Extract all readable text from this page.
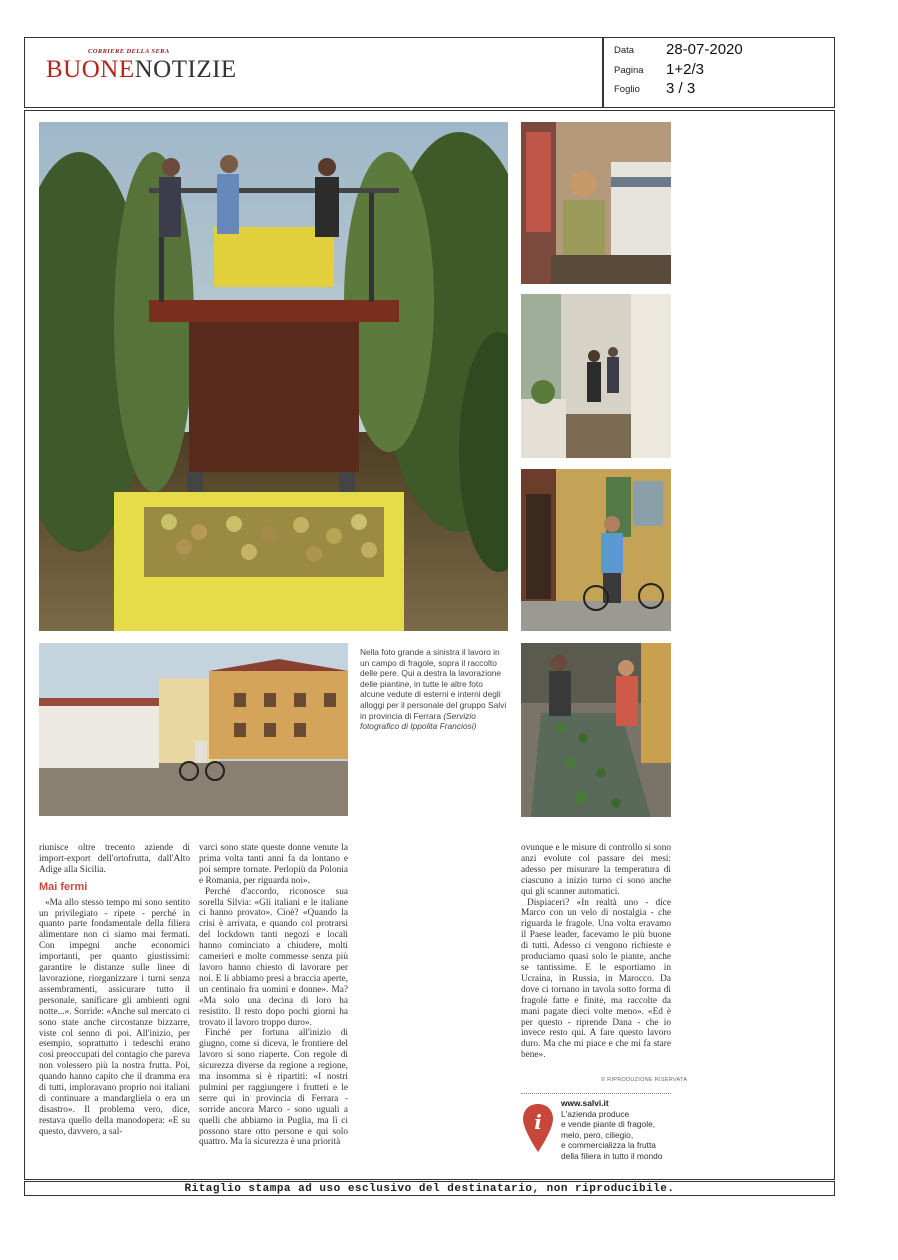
CORRIERE DELLA SERA
BUONENOTIZIE
Data 28-07-2020
Pagina 1+2/3
Foglio 3 / 3
Nella foto grande a sinistra il lavoro in un campo di fragole, sopra il raccolto delle pere. Qui a destra la lavorazione delle piantine, in tutte le altre foto alcune vedute di esterni e interni degli alloggi per il personale del gruppo Salvi in provincia di Ferrara (Servizio fotografico di Ippolita Franciosi)

riunisce oltre trecento aziende di import-export dell'ortofrutta, dall'Alto Adige alla Sicilia.

Mai fermi

«Ma allo stesso tempo mi sono sentito un privilegiato - ripete - perché in quanto parte fondamentale della filiera alimentare non ci siamo mai fermati. Con impegni anche economici importanti, per quanto giustissimi: garantire le distanze sulle linee di lavorazione, riorganizzare i turni senza assembramenti, assicurare tutto il personale, sanificare gli ambienti ogni notte...». Sorride: «Anche sul mercato ci sono state anche circostanze bizzarre, viste col senno di poi. All'inizio, per esempio, soprattutto i tedeschi erano così preoccupati del contagio che pareva non volessero più la nostra frutta. Poi, quando hanno capito che il dramma era di tutti, imploravano proprio noi italiani di continuare a mandargliela o era un disastro». Il problema vero, dice, restava quello della manodopera: «E su questo, davvero, a sal-

varci sono state queste donne venute la prima volta tanti anni fa da lontano e poi sempre tornate. Perlopiù da Polonia e Romania, per riguarda noi».

Perché d'accordo, riconosce sua sorella Silvia: «Gli italiani e le italiane ci hanno provato». Cioè? «Quando la crisi è arrivata, e quando col protrarsi del lockdown tanti negozi e locali hanno cominciato a chiudere, molti camerieri e molte commesse senza più lavoro hanno chiesto di lavorare per noi. E li abbiamo presi a braccia aperte, un centinaio fra uomini e donne». Ma? «Ma solo una decina di loro ha resistito. Il resto dopo pochi giorni ha trovato il lavoro troppo duro».

Finché per fortuna all'inizio di giugno, come si diceva, le frontiere del lavoro si sono riaperte. Con regole di sicurezza diverse da regione a regione, ma insomma si è ripartiti: «I nostri pulmini per raggiungere i frutteti e le serre qui in provincia di Ferrara - sorride ancora Marco - sono uguali a quelli che abbiamo in Puglia, ma lì ci possono stare otto persone e qui solo quattro. Ma la sicurezza è una priorità

ovunque e le misure di controllo si sono anzi evolute col passare dei mesi: adesso per misurare la temperatura di ciascuno a inizio turno ci sono anche qui gli scanner automatici.

Dispiaceri? «In realtà uno - dice Marco con un velo di nostalgia - che riguarda le fragole. Una volta eravamo il Paese leader, facevamo le più buone di tutti. Adesso ci vengono richieste e produciamo quasi solo le piante, anche se tantissime. E le esportiamo in Ucraina, in Russia, in Marocco. Da dove ci tornano in tavola sotto forma di fragole fatte e finite, ma raccolte da mani pagate dieci volte meno». «Ed è per questo - riprende Dana - che io invece resto qui. A fare questo lavoro duro. Ma che mi piace e che mi fa stare bene».

© RIPRODUZIONE RISERVATA
i
www.salvi.it
L'azienda produce
e vende piante di fragole,
melo, pero, ciliegio,
e commercializza la frutta
della filiera in tutto il mondo
Ritaglio stampa ad uso esclusivo del destinatario, non riproducibile.
